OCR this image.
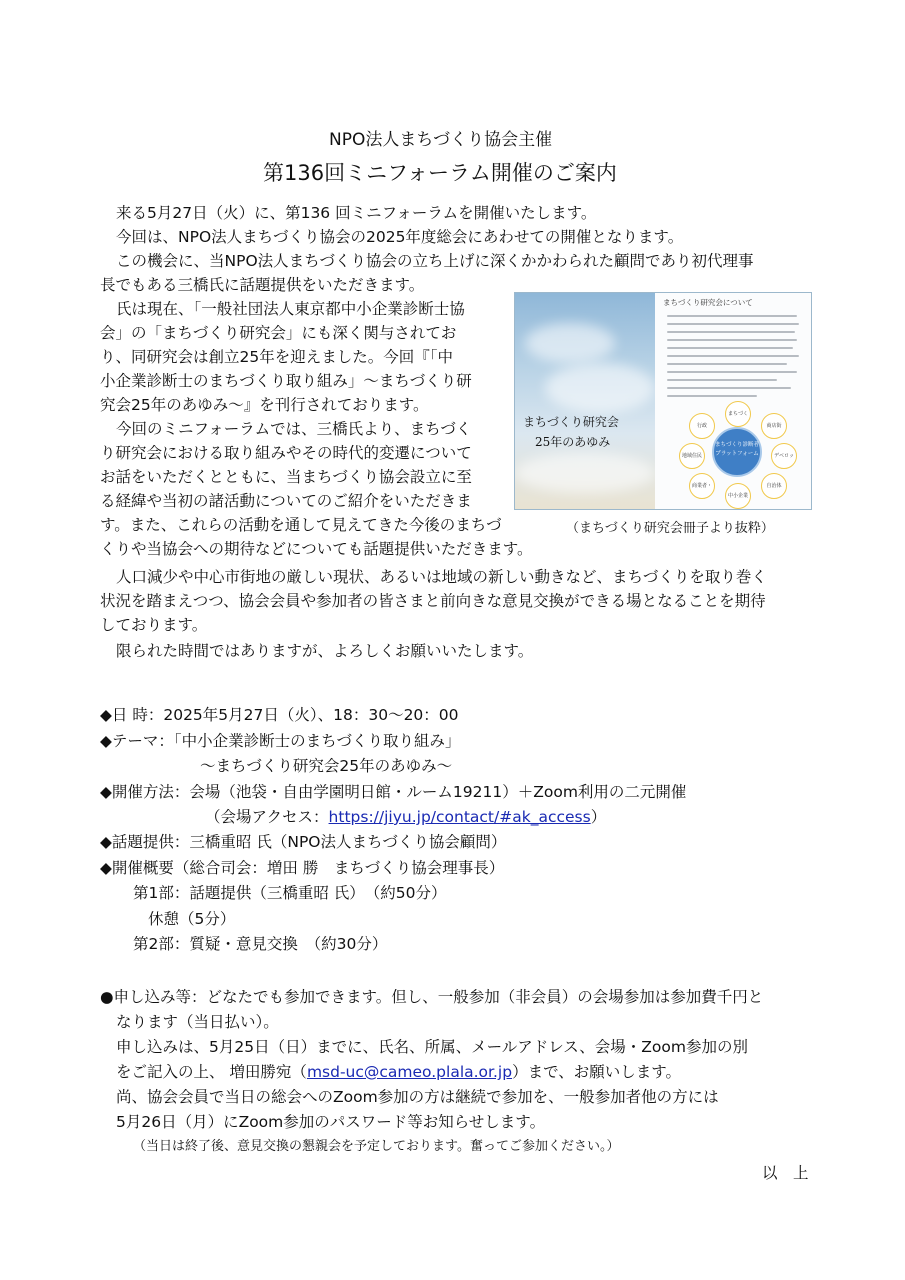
NPO法人まちづくり協会主催
第136回ミニフォーラム開催のご案内
来る5月27日（火）に、第136 回ミニフォーラムを開催いたします。
今回は、NPO法人まちづくり協会の2025年度総会にあわせての開催となります。
この機会に、当NPO法人まちづくり協会の立ち上げに深くかかわられた顧問であり初代理事
長でもある三橋氏に話題提供をいただきます。
氏は現在、「一般社団法人東京都中小企業診断士協
会」の「まちづくり研究会」にも深く関与されてお
り、同研究会は創立25年を迎えました。今回『「中
小企業診断士のまちづくり取り組み」～まちづくり研
究会25年のあゆみ～』を刊行されております。
今回のミニフォーラムでは、三橋氏より、まちづく
り研究会における取り組みやその時代的変遷について
お話をいただくとともに、当まちづくり協会設立に至
る経緯や当初の諸活動についてのご紹介をいただきま
す。また、これらの活動を通して見えてきた今後のまちづ
くりや当協会への期待などについても話題提供いただきます。
人口減少や中心市街地の厳しい現状、あるいは地域の新しい動きなど、まちづくりを取り巻く
状況を踏まえつつ、協会会員や参加者の皆さまと前向きな意見交換ができる場となることを期待
しております。
限られた時間ではありますが、よろしくお願いいたします。
まちづくり研究会
25年のあゆみ
まちづくり研究会について
まちづく
商店街
デベロッ
自治体
中小企業
商業者・
地域住民
行政
まちづくり診断者
プラットフォーム
（まちづくり研究会冊子より抜粋）
◆日 時：2025年5月27日（火）、18：30～20：00
◆テーマ：「中小企業診断士のまちづくり取り組み」
～まちづくり研究会25年のあゆみ～
◆開催方法：会場（池袋・自由学園明日館・ルーム19211）＋Zoom利用の二元開催
（会場アクセス：https://jiyu.jp/contact/#ak_access）
◆話題提供：三橋重昭 氏（NPO法人まちづくり協会顧問）
◆開催概要（総合司会：増田 勝　まちづくり協会理事長）
第1部：話題提供（三橋重昭 氏）　（約50分）
休憩（5分）
第2部：質疑・意見交換　（約30分）
●申し込み等：どなたでも参加できます。但し、一般参加（非会員）の会場参加は参加費千円と
なります（当日払い）。
申し込みは、5月25日（日）までに、氏名、所属、メールアドレス、会場・Zoom参加の別
をご記入の上、 増田勝宛（msd-uc@cameo.plala.or.jp）まで、お願いします。
尚、協会会員で当日の総会へのZoom参加の方は継続で参加を、一般参加者他の方には
5月26日（月）にZoom参加のパスワード等お知らせします。
（当日は終了後、意見交換の懇親会を予定しております。奮ってご参加ください。）
以　上
